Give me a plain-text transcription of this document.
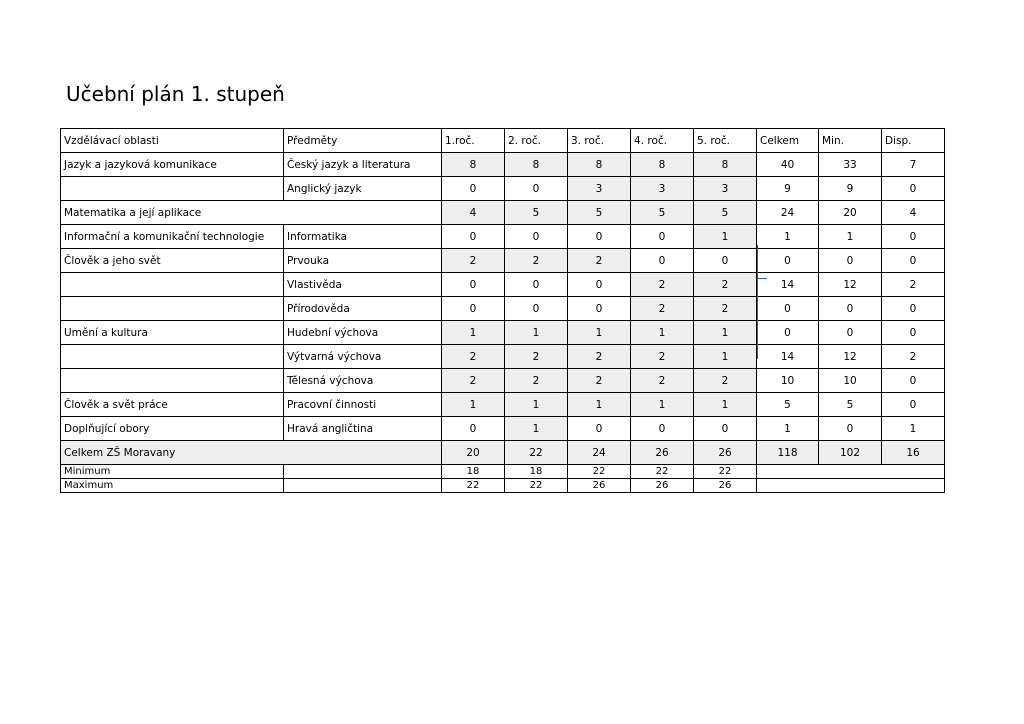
Učební plán 1. stupeň
Vzdělávací oblasti	Předměty	1.roč.	2. roč.	3. roč.	4. roč.	5. roč.	Celkem	Min.	Disp.
Jazyk a jazyková komunikace	Český jazyk a literatura	8	8	8	8	8	40	33	7
	Anglický jazyk	0	0	3	3	3	9	9	0
Matematika a její aplikace		4	5	5	5	5	24	20	4
Informační a komunikační technologie	Informatika	0	0	0	0	1	1	1	0
Člověk a jeho svět	Prvouka	2	2	2	0	0	0	0	0
	Vlastivěda	0	0	0	2	2	14	12	2
	Přírodověda	0	0	0	2	2	0	0	0
Umění a kultura	Hudební výchova	1	1	1	1	1	0	0	0
	Výtvarná výchova	2	2	2	2	1	14	12	2
	Tělesná výchova	2	2	2	2	2	10	10	0
Člověk a svět práce	Pracovní činnosti	1	1	1	1	1	5	5	0
Doplňující obory	Hravá angličtina	0	1	0	0	0	1	0	1
Celkem ZŠ Moravany		20	22	24	26	26	118	102	16
Minimum		18	18	22	22	22			
Maximum		22	22	26	26	26			
